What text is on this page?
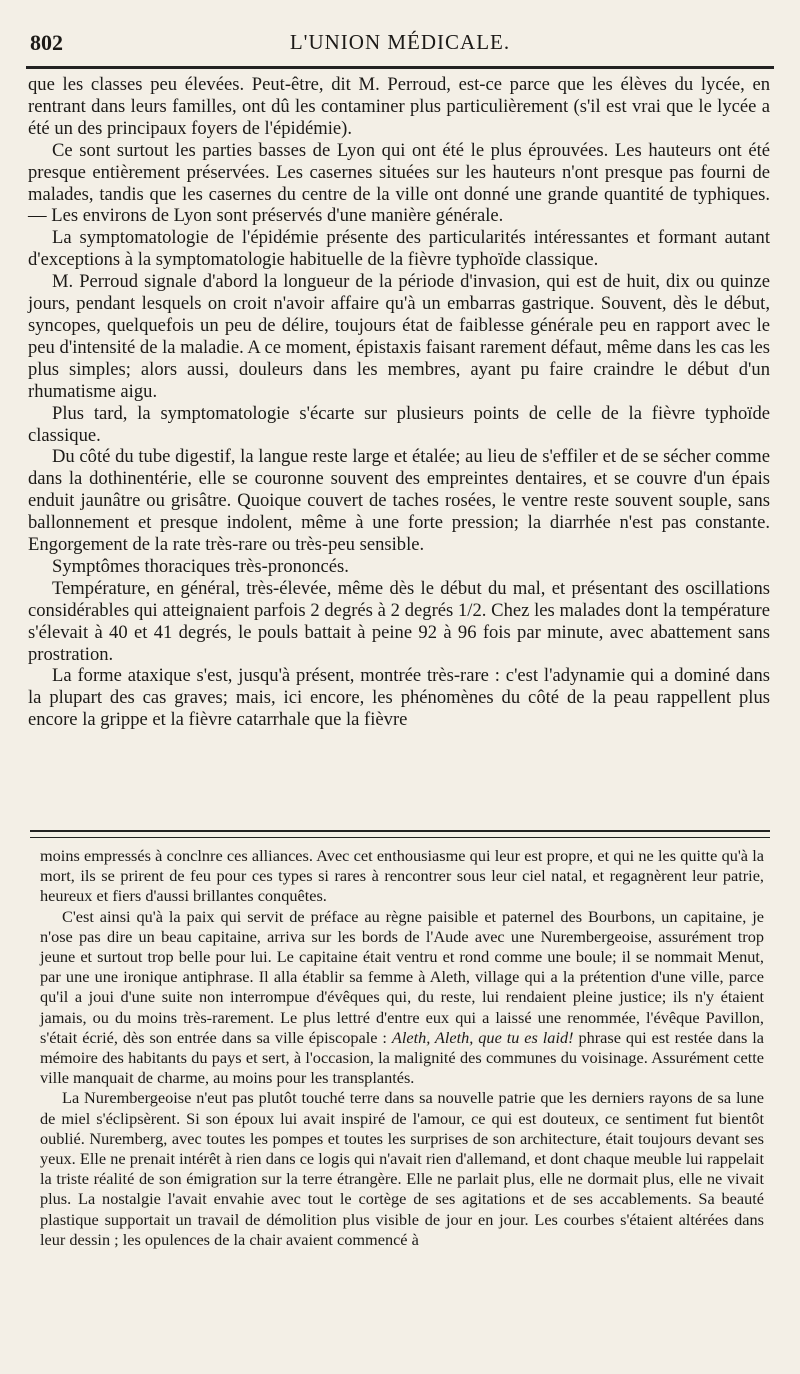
802	L'UNION MÉDICALE.

que les classes peu élevées. Peut-être, dit M. Perroud, est-ce parce que les élèves du lycée, en rentrant dans leurs familles, ont dû les contaminer plus particulièrement (s'il est vrai que le lycée a été un des principaux foyers de l'épidémie).

Ce sont surtout les parties basses de Lyon qui ont été le plus éprouvées. Les hauteurs ont été presque entièrement préservées. Les casernes situées sur les hauteurs n'ont presque pas fourni de malades, tandis que les casernes du centre de la ville ont donné une grande quantité de typhiques. — Les environs de Lyon sont préservés d'une manière générale.

La symptomatologie de l'épidémie présente des particularités intéressantes et formant autant d'exceptions à la symptomatologie habituelle de la fièvre typhoïde classique.

M. Perroud signale d'abord la longueur de la période d'invasion, qui est de huit, dix ou quinze jours, pendant lesquels on croit n'avoir affaire qu'à un embarras gastrique. Souvent, dès le début, syncopes, quelquefois un peu de délire, toujours état de faiblesse générale peu en rapport avec le peu d'intensité de la maladie. A ce moment, épistaxis faisant rarement défaut, même dans les cas les plus simples; alors aussi, douleurs dans les membres, ayant pu faire craindre le début d'un rhumatisme aigu.

Plus tard, la symptomatologie s'écarte sur plusieurs points de celle de la fièvre typhoïde classique.

Du côté du tube digestif, la langue reste large et étalée; au lieu de s'effiler et de se sécher comme dans la dothinentérie, elle se couronne souvent des empreintes dentaires, et se couvre d'un épais enduit jaunâtre ou grisâtre. Quoique couvert de taches rosées, le ventre reste souvent souple, sans ballonnement et presque indolent, même à une forte pression; la diarrhée n'est pas constante. Engorgement de la rate très-rare ou très-peu sensible.

Symptômes thoraciques très-prononcés.

Température, en général, très-élevée, même dès le début du mal, et présentant des oscillations considérables qui atteignaient parfois 2 degrés à 2 degrés 1/2. Chez les malades dont la température s'élevait à 40 et 41 degrés, le pouls battait à peine 92 à 96 fois par minute, avec abattement sans prostration.

La forme ataxique s'est, jusqu'à présent, montrée très-rare : c'est l'adynamie qui a dominé dans la plupart des cas graves; mais, ici encore, les phénomènes du côté de la peau rappellent plus encore la grippe et la fièvre catarrhale que la fièvre

moins empressés à conclnre ces alliances. Avec cet enthousiasme qui leur est propre, et qui ne les quitte qu'à la mort, ils se prirent de feu pour ces types si rares à rencontrer sous leur ciel natal, et regagnèrent leur patrie, heureux et fiers d'aussi brillantes conquêtes.

C'est ainsi qu'à la paix qui servit de préface au règne paisible et paternel des Bourbons, un capitaine, je n'ose pas dire un beau capitaine, arriva sur les bords de l'Aude avec une Nurembergeoise, assurément trop jeune et surtout trop belle pour lui. Le capitaine était ventru et rond comme une boule; il se nommait Menut, par une une ironique antiphrase. Il alla établir sa femme à Aleth, village qui a la prétention d'une ville, parce qu'il a joui d'une suite non interrompue d'évêques qui, du reste, lui rendaient pleine justice; ils n'y étaient jamais, ou du moins très-rarement. Le plus lettré d'entre eux qui a laissé une renommée, l'évêque Pavillon, s'était écrié, dès son entrée dans sa ville épiscopale : Aleth, Aleth, que tu es laid! phrase qui est restée dans la mémoire des habitants du pays et sert, à l'occasion, la malignité des communes du voisinage. Assurément cette ville manquait de charme, au moins pour les transplantés.

La Nurembergeoise n'eut pas plutôt touché terre dans sa nouvelle patrie que les derniers rayons de sa lune de miel s'éclipsèrent. Si son époux lui avait inspiré de l'amour, ce qui est douteux, ce sentiment fut bientôt oublié. Nuremberg, avec toutes les pompes et toutes les surprises de son architecture, était toujours devant ses yeux. Elle ne prenait intérêt à rien dans ce logis qui n'avait rien d'allemand, et dont chaque meuble lui rappelait la triste réalité de son émigration sur la terre étrangère. Elle ne parlait plus, elle ne dormait plus, elle ne vivait plus. La nostalgie l'avait envahie avec tout le cortège de ses agitations et de ses accablements. Sa beauté plastique supportait un travail de démolition plus visible de jour en jour. Les courbes s'étaient altérées dans leur dessin ; les opulences de la chair avaient commencé à
